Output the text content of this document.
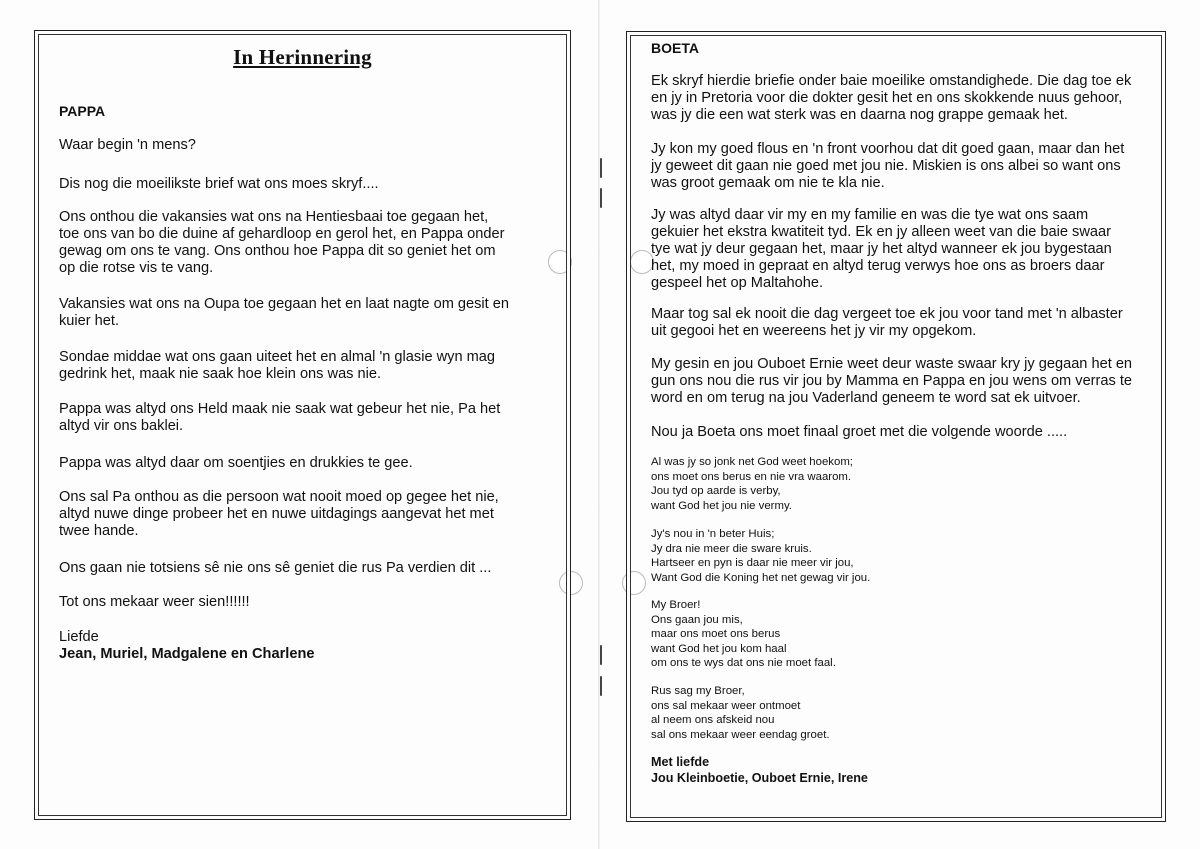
In Herinnering
PAPPA

Waar begin 'n mens?

Dis nog die moeilikste brief wat ons moes skryf....

Ons onthou die vakansies wat ons na Hentiesbaai toe gegaan het,
toe ons van bo die duine af gehardloop en gerol het, en Pappa onder
gewag om ons te vang. Ons onthou hoe Pappa dit so geniet het om
op die rotse vis te vang.

Vakansies wat ons na Oupa toe gegaan het en laat nagte om gesit en
kuier het.

Sondae middae wat ons gaan uiteet het en almal 'n glasie wyn mag
gedrink het, maak nie saak hoe klein ons was nie.

Pappa was altyd ons Held maak nie saak wat gebeur het nie, Pa het
altyd vir ons baklei.

Pappa was altyd daar om soentjies en drukkies te gee.

Ons sal Pa onthou as die persoon wat nooit moed op gegee het nie,
altyd nuwe dinge probeer het en nuwe uitdagings aangevat het met
twee hande.

Ons gaan nie totsiens sê nie ons sê geniet die rus Pa verdien dit ...

Tot ons mekaar weer sien!!!!!!

Liefde

Jean, Muriel, Madgalene en Charlene

BOETA

Ek skryf hierdie briefie onder baie moeilike omstandighede. Die dag toe ek
en jy in Pretoria voor die dokter gesit het en ons skokkende nuus gehoor,
was jy die een wat sterk was en daarna nog grappe gemaak het.

Jy kon my goed flous en 'n front voorhou dat dit goed gaan, maar dan het
jy geweet dit gaan nie goed met jou nie. Miskien is ons albei so want ons
was groot gemaak om nie te kla nie.

Jy was altyd daar vir my en my familie en was die tye wat ons saam
gekuier het ekstra kwatiteit tyd. Ek en jy alleen weet van die baie swaar
tye wat jy deur gegaan het, maar jy het altyd wanneer ek jou bygestaan
het, my moed in gepraat en altyd terug verwys hoe ons as broers daar
gespeel het op Maltahohe.

Maar tog sal ek nooit die dag vergeet toe ek jou voor tand met 'n albaster
uit gegooi het en weereens het jy vir my opgekom.

My gesin en jou Ouboet Ernie weet deur waste swaar kry jy gegaan het en
gun ons nou die rus vir jou by Mamma en Pappa en jou wens om verras te
word en om terug na jou Vaderland geneem te word sat ek uitvoer.

Nou ja Boeta ons moet finaal groet met die volgende woorde .....

Al was jy so jonk net God weet hoekom;
ons moet ons berus en nie vra waarom.
Jou tyd op aarde is verby,
want God het jou nie vermy.

Jy's nou in 'n beter Huis;
Jy dra nie meer die sware kruis.
Hartseer en pyn is daar nie meer vir jou,
Want God die Koning het net gewag vir jou.

My Broer!
Ons gaan jou mis,
maar ons moet ons berus
want God het jou kom haal
om ons te wys dat ons nie moet faal.

Rus sag my Broer,
ons sal mekaar weer ontmoet
al neem ons afskeid nou
sal ons mekaar weer eendag groet.

Met liefde

Jou Kleinboetie, Ouboet Ernie, Irene
